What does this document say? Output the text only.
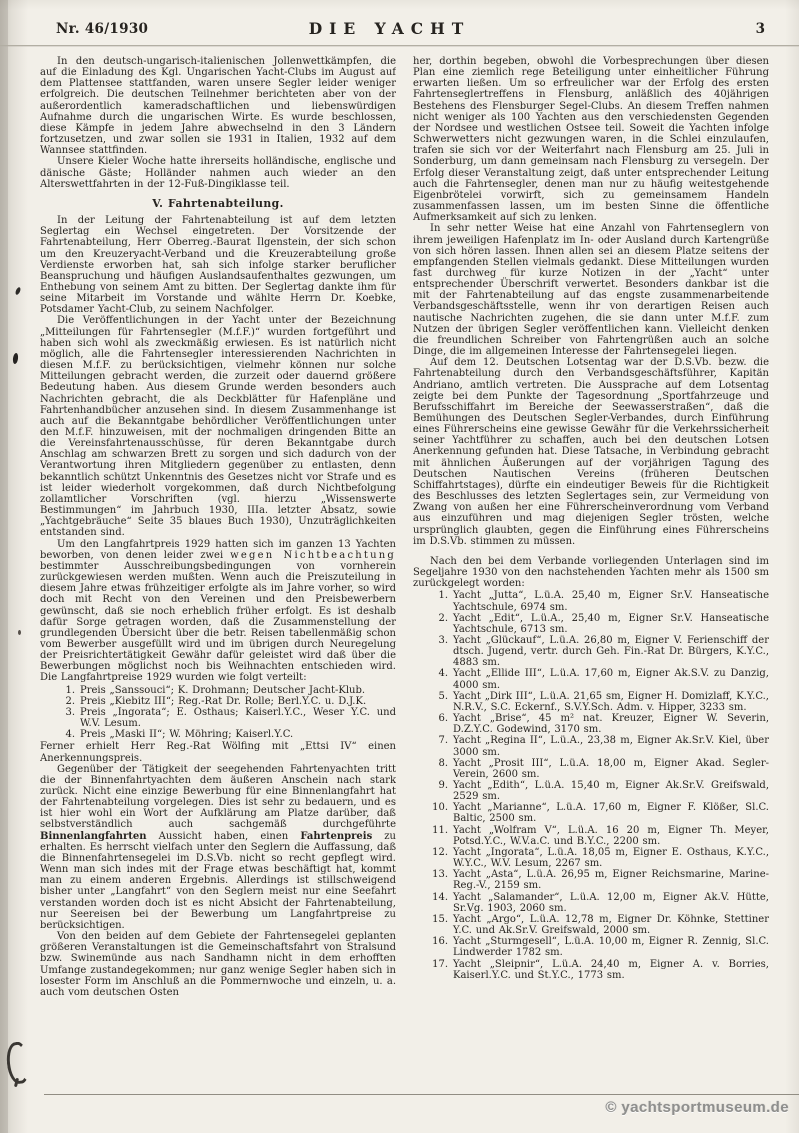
Nr. 46/1930	DIE YACHT	3
In den deutsch-ungarisch-italienischen Jollenwettkämpfen, die auf die Einladung des Kgl. Ungarischen Yacht-Clubs im August auf dem Plattensee stattfanden, waren unsere Segler leider weniger erfolgreich. Die deutschen Teilnehmer berichteten aber von der außerordentlich kameradschaftlichen und liebenswürdigen Aufnahme durch die ungarischen Wirte. Es wurde beschlossen, diese Kämpfe in jedem Jahre abwechselnd in den 3 Ländern fortzusetzen, und zwar sollen sie 1931 in Italien, 1932 auf dem Wannsee stattfinden.
Unsere Kieler Woche hatte ihrerseits holländische, englische und dänische Gäste; Holländer nahmen auch wieder an den Alterswettfahrten in der 12-Fuß-Dingiklasse teil.
V. Fahrtenabteilung.
In der Leitung der Fahrtenabteilung ist auf dem letzten Seglertag ein Wechsel eingetreten. Der Vorsitzende der Fahrtenabteilung, Herr Oberreg.-Baurat Ilgenstein, der sich schon um den Kreuzeryacht-Verband und die Kreuzerabteilung große Verdienste erworben hat, sah sich infolge starker beruflicher Beanspruchung und häufigen Auslandsaufenthaltes gezwungen, um Enthebung von seinem Amt zu bitten. Der Seglertag dankte ihm für seine Mitarbeit im Vorstande und wählte Herrn Dr. Koebke, Potsdamer Yacht-Club, zu seinem Nachfolger.
Die Veröffentlichungen in der Yacht unter der Bezeichnung „Mitteilungen für Fahrtensegler (M.f.F.)“ wurden fortgeführt und haben sich wohl als zweckmäßig erwiesen. Es ist natürlich nicht möglich, alle die Fahrtensegler interessierenden Nachrichten in diesen M.f.F. zu berücksichtigen, vielmehr können nur solche Mitteilungen gebracht werden, die zurzeit oder dauernd größere Bedeutung haben. Aus diesem Grunde werden besonders auch Nachrichten gebracht, die als Deckblätter für Hafenpläne und Fahrtenhandbücher anzusehen sind. In diesem Zusammenhange ist auch auf die Bekanntgabe behördlicher Veröffentlichungen unter den M.f.F. hinzuweisen, mit der nochmaligen dringenden Bitte an die Vereinsfahrtenausschüsse, für deren Bekanntgabe durch Anschlag am schwarzen Brett zu sorgen und sich dadurch von der Verantwortung ihren Mitgliedern gegenüber zu entlasten, denn bekanntlich schützt Unkenntnis des Gesetzes nicht vor Strafe und es ist leider wiederholt vorgekommen, daß durch Nichtbefolgung zollamtlicher Vorschriften (vgl. hierzu „Wissenswerte Bestimmungen“ im Jahrbuch 1930, IIIa. letzter Absatz, sowie „Yachtgebräuche“ Seite 35 blaues Buch 1930), Unzuträglichkeiten entstanden sind.
Um den Langfahrtpreis 1929 hatten sich im ganzen 13 Yachten beworben, von denen leider zwei wegen Nichtbeachtung bestimmter Ausschreibungsbedingungen von vornherein zurückgewiesen werden mußten. Wenn auch die Preiszuteilung in diesem Jahre etwas frühzeitiger erfolgte als im Jahre vorher, so wird doch mit Recht von den Vereinen und den Preisbewerbern gewünscht, daß sie noch erheblich früher erfolgt. Es ist deshalb dafür Sorge getragen worden, daß die Zusammenstellung der grundlegenden Übersicht über die betr. Reisen tabellenmäßig schon vom Bewerber ausgefüllt wird und im übrigen durch Neuregelung der Preisrichtertätigkeit Gewähr dafür geleistet wird daß über die Bewerbungen möglichst noch bis Weihnachten entschieden wird. Die Langfahrtpreise 1929 wurden wie folgt verteilt:
1. Preis „Sanssouci“; K. Drohmann; Deutscher Jacht-Klub.
2. Preis „Kiebitz III“; Reg.-Rat Dr. Rolle; Berl.Y.C. u. D.J.K.
3. Preis „Ingorata“; E. Osthaus; Kaiserl.Y.C., Weser Y.C. und W.V. Lesum.
4. Preis „Maski II“; W. Möhring; Kaiserl.Y.C.
Ferner erhielt Herr Reg.-Rat Wölfing mit „Ettsi IV“ einen Anerkennungspreis.
Gegenüber der Tätigkeit der seegehenden Fahrtenyachten tritt die der Binnenfahrtyachten dem äußeren Anschein nach stark zurück. Nicht eine einzige Bewerbung für eine Binnenlangfahrt hat der Fahrtenabteilung vorgelegen. Dies ist sehr zu bedauern, und es ist hier wohl ein Wort der Aufklärung am Platze darüber, daß selbstverständlich auch sachgemäß durchgeführte Binnenlangfahrten Aussicht haben, einen Fahrtenpreis zu erhalten. Es herrscht vielfach unter den Seglern die Auffassung, daß die Binnenfahrtensegelei im D.S.Vb. nicht so recht gepflegt wird. Wenn man sich indes mit der Frage etwas beschäftigt hat, kommt man zu einem anderen Ergebnis. Allerdings ist stillschweigend bisher unter „Langfahrt“ von den Seglern meist nur eine Seefahrt verstanden worden doch ist es nicht Absicht der Fahrtenabteilung, nur Seereisen bei der Bewerbung um Langfahrtpreise zu berücksichtigen.
Von den beiden auf dem Gebiete der Fahrtensegelei geplanten größeren Veranstaltungen ist die Gemeinschaftsfahrt von Stralsund bzw. Swinemünde aus nach Sandhamn nicht in dem erhofften Umfange zustandegekommen; nur ganz wenige Segler haben sich in losester Form im Anschluß an die Pommernwoche und einzeln, u. a. auch vom deutschen Osten
her, dorthin begeben, obwohl die Vorbesprechungen über diesen Plan eine ziemlich rege Beteiligung unter einheitlicher Führung erwarten ließen. Um so erfreulicher war der Erfolg des ersten Fahrtenseglertreffens in Flensburg, anläßlich des 40jährigen Bestehens des Flensburger Segel-Clubs. An diesem Treffen nahmen nicht weniger als 100 Yachten aus den verschiedensten Gegenden der Nordsee und westlichen Ostsee teil. Soweit die Yachten infolge Schwerwetters nicht gezwungen waren, in die Schlei einzulaufen, trafen sie sich vor der Weiterfahrt nach Flensburg am 25. Juli in Sonderburg, um dann gemeinsam nach Flensburg zu versegeln. Der Erfolg dieser Veranstaltung zeigt, daß unter entsprechender Leitung auch die Fahrtensegler, denen man nur zu häufig weitestgehende Eigenbrötelei vorwirft, sich zu gemeinsamem Handeln zusammenfassen lassen, um im besten Sinne die öffentliche Aufmerksamkeit auf sich zu lenken.
In sehr netter Weise hat eine Anzahl von Fahrtenseglern von ihrem jeweiligen Hafenplatz im In- oder Ausland durch Kartengrüße von sich hören lassen. Ihnen allen sei an diesem Platze seitens der empfangenden Stellen vielmals gedankt. Diese Mitteilungen wurden fast durchweg für kurze Notizen in der „Yacht“ unter entsprechender Überschrift verwertet. Besonders dankbar ist die mit der Fahrtenabteilung auf das engste zusammenarbeitende Verbandsgeschäftsstelle, wenn ihr von derartigen Reisen auch nautische Nachrichten zugehen, die sie dann unter M.f.F. zum Nutzen der übrigen Segler veröffentlichen kann. Vielleicht denken die freundlichen Schreiber von Fahrtengrüßen auch an solche Dinge, die im allgemeinen Interesse der Fahrtensegelei liegen.
Auf dem 12. Deutschen Lotsentag war der D.S.Vb. bezw. die Fahrtenabteilung durch den Verbandsgeschäftsführer, Kapitän Andriano, amtlich vertreten. Die Aussprache auf dem Lotsentag zeigte bei dem Punkte der Tagesordnung „Sportfahrzeuge und Berufsschiffahrt im Bereiche der Seewasserstraßen“, daß die Bemühungen des Deutschen Segler-Verbandes, durch Einführung eines Führerscheins eine gewisse Gewähr für die Verkehrssicherheit seiner Yachtführer zu schaffen, auch bei den deutschen Lotsen Anerkennung gefunden hat. Diese Tatsache, in Verbindung gebracht mit ähnlichen Äußerungen auf der vorjährigen Tagung des Deutschen Nautischen Vereins (früheren Deutschen Schiffahrtstages), dürfte ein eindeutiger Beweis für die Richtigkeit des Beschlusses des letzten Seglertages sein, zur Vermeidung von Zwang von außen her eine Führerscheinverordnung vom Verband aus einzuführen und mag diejenigen Segler trösten, welche ursprünglich glaubten, gegen die Einführung eines Führerscheins im D.S.Vb. stimmen zu müssen.
Nach den bei dem Verbande vorliegenden Unterlagen sind im Segeljahre 1930 von den nachstehenden Yachten mehr als 1500 sm zurückgelegt worden:
1. Yacht „Jutta“, L.ü.A. 25,40 m, Eigner Sr.V. Hanseatische Yachtschule, 6974 sm.
2. Yacht „Edit“, L.ü.A., 25,40 m, Eigner Sr.V. Hanseatische Yachtschule, 6713 sm.
3. Yacht „Glückauf“, L.ü.A. 26,80 m, Eigner V. Ferienschiff der dtsch. Jugend, vertr. durch Geh. Fin.-Rat Dr. Bürgers, K.Y.C., 4883 sm.
4. Yacht „Ellide III“, L.ü.A. 17,60 m, Eigner Ak.S.V. zu Danzig, 4000 sm.
5. Yacht „Dirk III“, L.ü.A. 21,65 sm, Eigner H. Domizlaff, K.Y.C., N.R.V., S.C. Eckernf., S.V.Y.Sch. Adm. v. Hipper, 3233 sm.
6. Yacht „Brise“, 45 m² nat. Kreuzer, Eigner W. Severin, D.Z.Y.C. Godewind, 3170 sm.
7. Yacht „Regina II“, L.ü.A., 23,38 m, Eigner Ak.Sr.V. Kiel, über 3000 sm.
8. Yacht „Prosit III“, L.ü.A. 18,00 m, Eigner Akad. Segler-Verein, 2600 sm.
9. Yacht „Edith“, L.ü.A. 15,40 m, Eigner Ak.Sr.V. Greifswald, 2529 sm.
10. Yacht „Marianne“, L.ü.A. 17,60 m, Eigner F. Klößer, Sl.C. Baltic, 2500 sm.
11. Yacht „Wolfram V“, L.ü.A. 16 20 m, Eigner Th. Meyer, Potsd.Y.C., W.V.a.C. und B.Y.C., 2200 sm.
12. Yacht „Ingorata“, L.ü.A. 18,05 m, Eigner E. Osthaus, K.Y.C., W.Y.C., W.V. Lesum, 2267 sm.
13. Yacht „Asta“, L.ü.A. 26,95 m, Eigner Reichsmarine, Marine-Reg.-V., 2159 sm.
14. Yacht „Salamander“, L.ü.A. 12,00 m, Eigner Ak.V. Hütte, Sr.Vg. 1903, 2060 sm.
15. Yacht „Argo“, L.ü.A. 12,78 m, Eigner Dr. Köhnke, Stettiner Y.C. und Ak.Sr.V. Greifswald, 2000 sm.
16. Yacht „Sturmgesell“, L.ü.A. 10,00 m, Eigner R. Zennig, Sl.C. Lindwerder 1782 sm.
17. Yacht „Sleipnir“, L.ü.A. 24,40 m, Eigner A. v. Borries, Kaiserl.Y.C. und St.Y.C., 1773 sm.
© yachtsportmuseum.de
